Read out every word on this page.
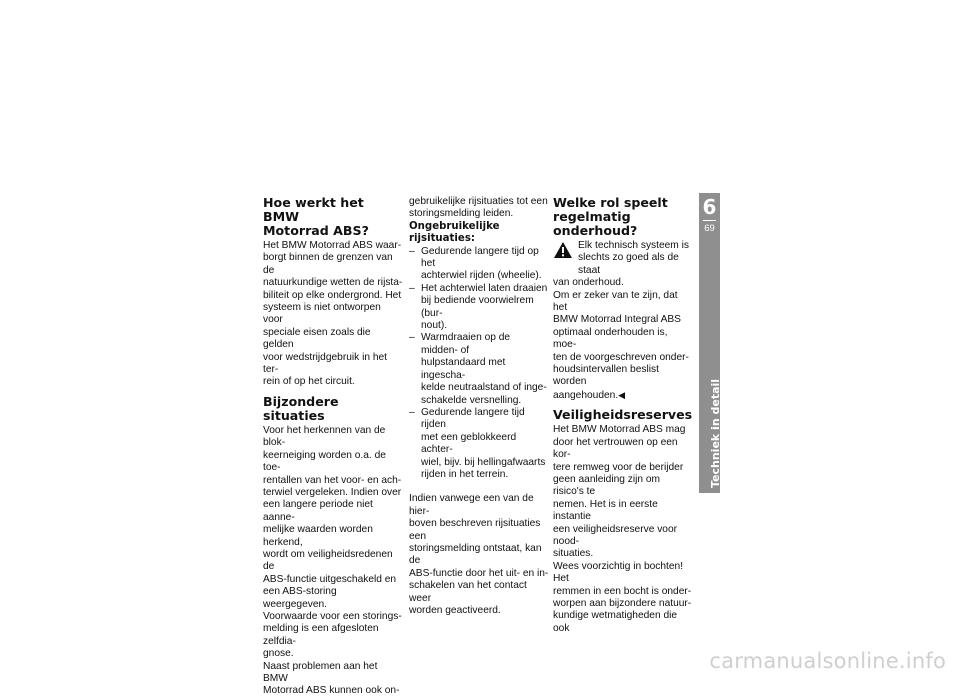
Hoe werkt het BMW
Motorrad ABS?

Het BMW Motorrad ABS waar-
borgt binnen de grenzen van de
natuurkundige wetten de rijsta-
biliteit op elke ondergrond. Het
systeem is niet ontworpen voor
speciale eisen zoals die gelden
voor wedstrijdgebruik in het ter-
rein of op het circuit.

Bijzondere situaties

Voor het herkennen van de blok-
keerneiging worden o.a. de toe-
rentallen van het voor- en ach-
terwiel vergeleken. Indien over
een langere periode niet aanne-
melijke waarden worden herkend,
wordt om veiligheidsredenen de
ABS-functie uitgeschakeld en
een ABS-storing weergegeven.
Voorwaarde voor een storings-
melding is een afgesloten zelfdia-
gnose.
Naast problemen aan het BMW
Motorrad ABS kunnen ook on-

gebruikelijke rijsituaties tot een
storingsmelding leiden.

Ongebruikelijke rijsituaties:

– Gedurende langere tijd op het
achterwiel rijden (wheelie).
– Het achterwiel laten draaien
bij bediende voorwielrem (bur-
nout).
– Warmdraaien op de midden- of
hulpstandaard met ingescha-
kelde neutraalstand of inge-
schakelde versnelling.
– Gedurende langere tijd rijden
met een geblokkeerd achter-
wiel, bijv. bij hellingafwaarts
rijden in het terrein.

Indien vanwege een van de hier-
boven beschreven rijsituaties een
storingsmelding ontstaat, kan de
ABS-functie door het uit- en in-
schakelen van het contact weer
worden geactiveerd.

Welke rol speelt
regelmatig onderhoud?
Elk technisch systeem is
slechts zo goed als de staat

van onderhoud.
Om er zeker van te zijn, dat het
BMW Motorrad Integral ABS
optimaal onderhouden is, moe-
ten de voorgeschreven onder-
houdsintervallen beslist worden
aangehouden.◀

Veiligheidsreserves

Het BMW Motorrad ABS mag
door het vertrouwen op een kor-
tere remweg voor de berijder
geen aanleiding zijn om risico's te
nemen. Het is in eerste instantie
een veiligheidsreserve voor nood-
situaties.
Wees voorzichtig in bochten! Het
remmen in een bocht is onder-
worpen aan bijzondere natuur-
kundige wetmatigheden die ook

6
69
Techniek in detail
carmanualsonline.info
